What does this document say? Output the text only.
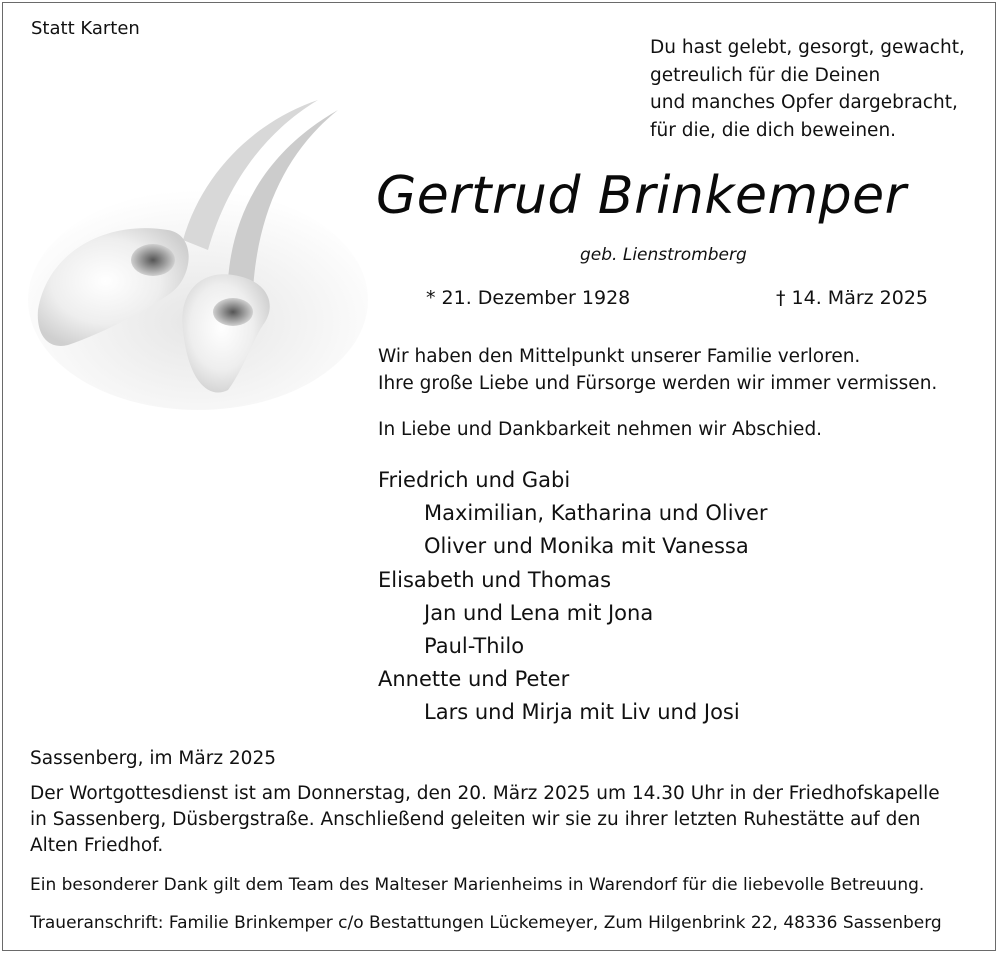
Statt Karten
Du hast gelebt, gesorgt, gewacht,
getreulich für die Deinen
und manches Opfer dargebracht,
für die, die dich beweinen.
Gertrud Brinkemper
geb. Lienstromberg
* 21. Dezember 1928	† 14. März 2025
Wir haben den Mittelpunkt unserer Familie verloren.
Ihre große Liebe und Fürsorge werden wir immer vermissen.
In Liebe und Dankbarkeit nehmen wir Abschied.
Friedrich und Gabi
Maximilian, Katharina und Oliver
Oliver und Monika mit Vanessa
Elisabeth und Thomas
Jan und Lena mit Jona
Paul-Thilo
Annette und Peter
Lars und Mirja mit Liv und Josi
Sassenberg, im März 2025
Der Wortgottesdienst ist am Donnerstag, den 20. März 2025 um 14.30 Uhr in der Friedhofskapelle
in Sassenberg, Düsbergstraße. Anschließend geleiten wir sie zu ihrer letzten Ruhestätte auf den
Alten Friedhof.
Ein besonderer Dank gilt dem Team des Malteser Marienheims in Warendorf für die liebevolle Betreuung.
Traueranschrift: Familie Brinkemper c/o Bestattungen Lückemeyer, Zum Hilgenbrink 22, 48336 Sassenberg
